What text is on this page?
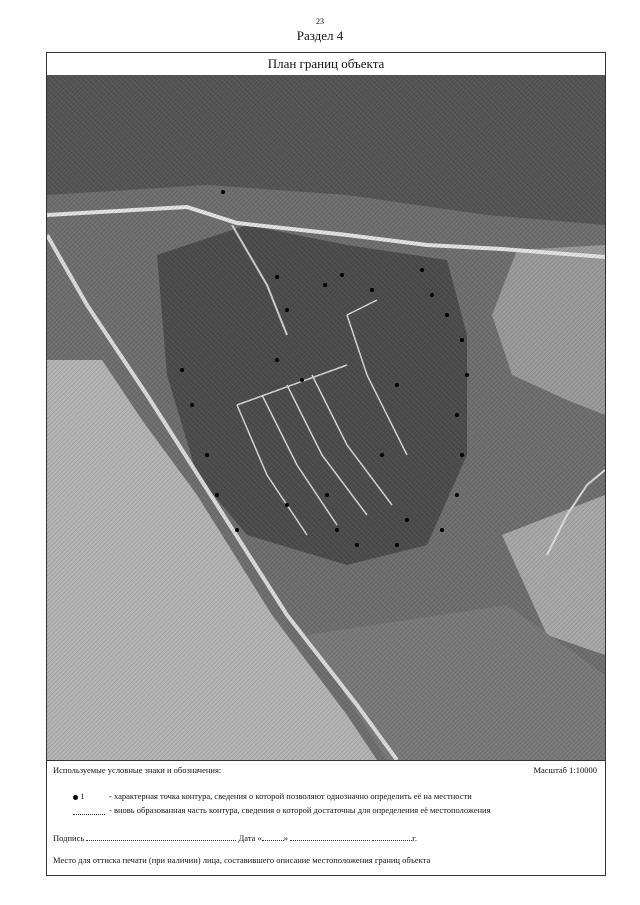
23
Раздел 4
План границ объекта
Используемые условные знаки и обозначения:	Масштаб 1:10000
1	- характерная точка контура, сведения о которой позволяют однозначно определить её на местности
- вновь образованная часть контура, сведения о которой достаточны для определения её местоположения
Подпись	Дата «	»	г.
Место для оттиска печати (при наличии) лица, составившего описание местоположения границ объекта
